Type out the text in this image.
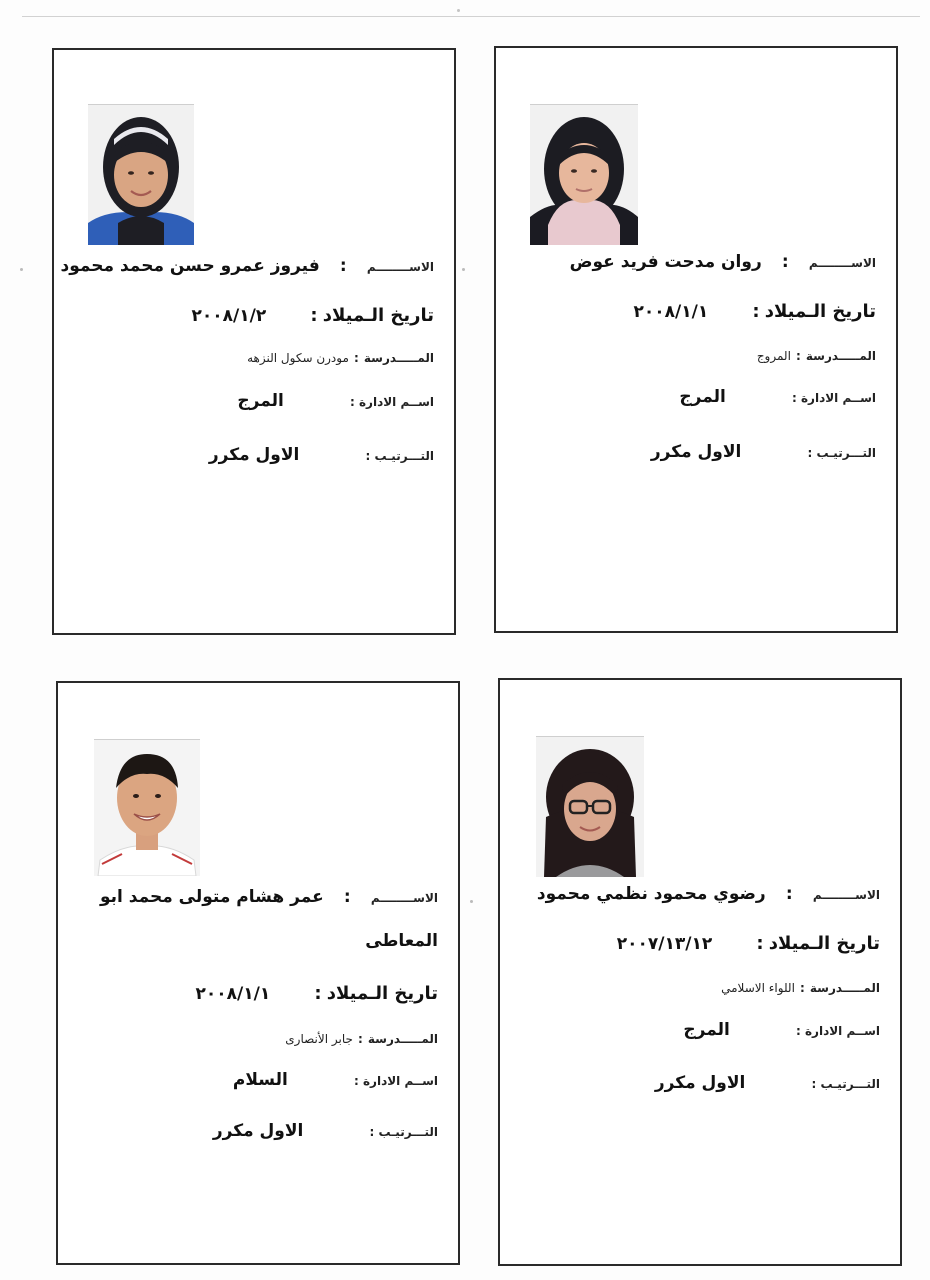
الاســــــــم  :  روان مدحت فريد عوض
تاريخ الـميلاد :  ٢٠٠٨/١/١
المـــــدرسة : المروج
اســم الادارة :  المرج
التـــرتيـب :  الاول مكرر
الاســــــــم  :  فيروز عمرو حسن محمد محمود
تاريخ الـميلاد :  ٢٠٠٨/١/٢
المـــــدرسة : مودرن سكول النزهه
اســم الادارة :  المرج
التـــرتيـب :  الاول مكرر
الاســــــــم  :  رضوي محمود نظمي محمود
تاريخ الـميلاد :  ٢٠٠٧/١٣/١٢
المـــــدرسة : اللواء الاسلامي
اســم الادارة :  المرج
التـــرتيـب :  الاول مكرر
الاســــــــم  :  عمر هشام متولى محمد ابو
المعاطى
تاريخ الـميلاد :  ٢٠٠٨/١/١
المـــــدرسة : جابر الأنصارى
اســم الادارة :  السلام
التـــرتيـب :  الاول مكرر
